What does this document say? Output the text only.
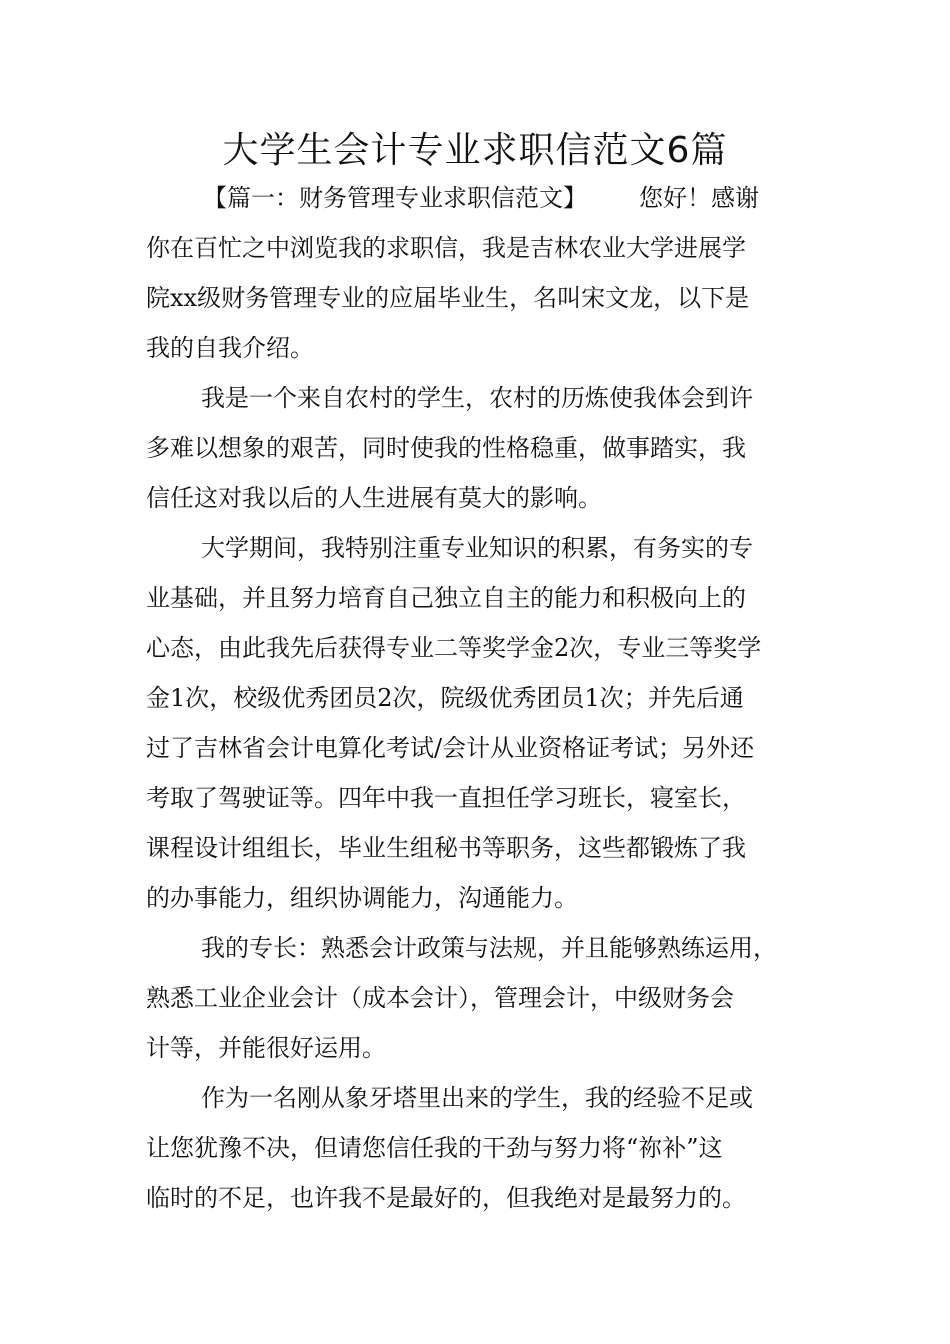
大学生会计专业求职信范文6篇
【篇一：财务管理专业求职信范文】 您好！感谢
你在百忙之中浏览我的求职信，我是吉林农业大学进展学
院xx级财务管理专业的应届毕业生，名叫宋文龙，以下是
我的自我介绍。
我是一个来自农村的学生，农村的历炼使我体会到许
多难以想象的艰苦，同时使我的性格稳重，做事踏实，我
信任这对我以后的人生进展有莫大的影响。
大学期间，我特别注重专业知识的积累，有务实的专
业基础，并且努力培育自己独立自主的能力和积极向上的
心态，由此我先后获得专业二等奖学金2次，专业三等奖学
金1次，校级优秀团员2次，院级优秀团员1次；并先后通
过了吉林省会计电算化考试/会计从业资格证考试；另外还
考取了驾驶证等。四年中我一直担任学习班长，寝室长，
课程设计组组长，毕业生组秘书等职务，这些都锻炼了我
的办事能力，组织协调能力，沟通能力。
我的专长：熟悉会计政策与法规，并且能够熟练运用，
熟悉工业企业会计（成本会计），管理会计，中级财务会
计等，并能很好运用。
作为一名刚从象牙塔里出来的学生，我的经验不足或
让您犹豫不决，但请您信任我的干劲与努力将“祢补”这
临时的不足，也许我不是最好的，但我绝对是最努力的。
